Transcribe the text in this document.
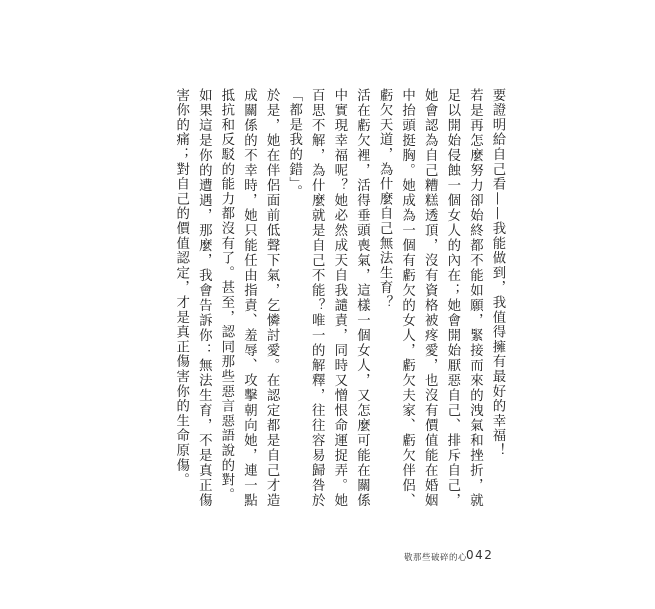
要證明給自己看——我能做到，我值得擁有最好的幸福！

若是再怎麼努力卻始終都不能如願，緊接而來的洩氣和挫折，就足以開始侵蝕一個女人的內在；她會開始厭惡自己、排斥自己，她會認為自己糟糕透頂，沒有資格被疼愛，也沒有價值能在婚姻中抬頭挺胸。她成為一個有虧欠的女人，虧欠夫家、虧欠伴侶、虧欠天道，為什麼自己無法生育？

活在虧欠裡，活得垂頭喪氣，這樣一個女人，又怎麼可能在關係中實現幸福呢？她必然成天自我譴責，同時又憎恨命運捉弄。她百思不解，為什麼就是自己不能？唯一的解釋，往往容易歸咎於「都是我的錯」。

於是，她在伴侶面前低聲下氣，乞憐討愛。在認定都是自己才造成關係的不幸時，她只能任由指責、羞辱、攻擊朝向她，連一點抵抗和反駁的能力都沒有了。甚至，認同那些惡言惡語說的對。

如果這是你的遭遇，那麼，我會告訴你：無法生育，不是真正傷害你的痛；對自己的價值認定，才是真正傷害你的生命原傷。

敬那些破碎的心
042
